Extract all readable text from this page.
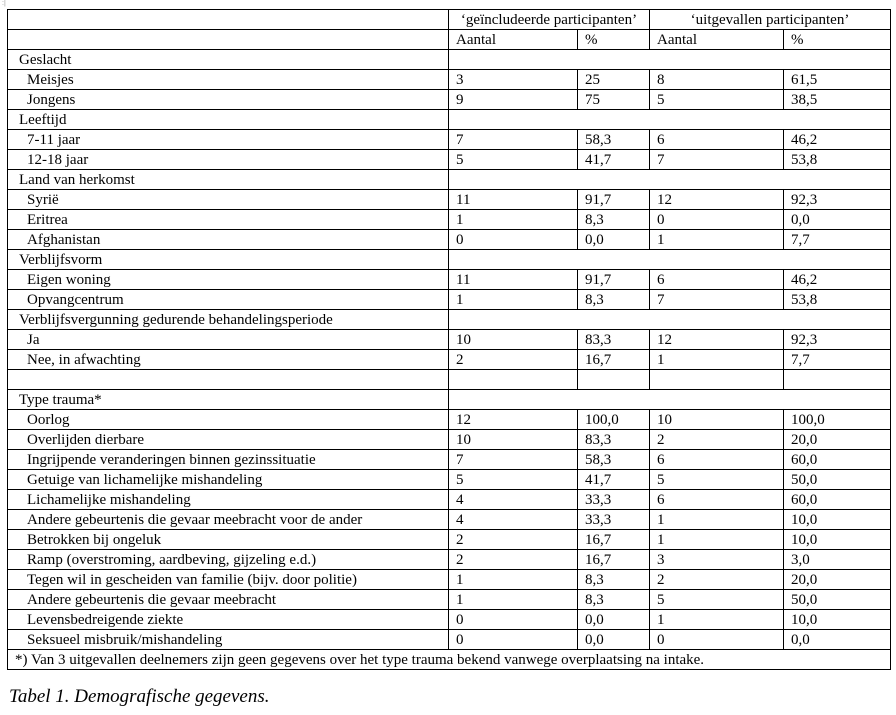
:|
	‘geïncludeerde participanten’		‘uitgevallen participanten’	
	Aantal	%	Aantal	%
Geslacht				
Meisjes	3	25	8	61,5
Jongens	9	75	5	38,5
Leeftijd				
7-11 jaar	7	58,3	6	46,2
12-18 jaar	5	41,7	7	53,8
Land van herkomst				
Syrië	11	91,7	12	92,3
Eritrea	1	8,3	0	0,0
Afghanistan	0	0,0	1	7,7
Verblijfsvorm				
Eigen woning	11	91,7	6	46,2
Opvangcentrum	1	8,3	7	53,8
Verblijfsvergunning gedurende behandelingsperiode				
Ja	10	83,3	12	92,3
Nee, in afwachting	2	16,7	1	7,7

Type trauma*				
Oorlog	12	100,0	10	100,0
Overlijden dierbare	10	83,3	2	20,0
Ingrijpende veranderingen binnen gezinssituatie	7	58,3	6	60,0
Getuige van lichamelijke mishandeling	5	41,7	5	50,0
Lichamelijke mishandeling	4	33,3	6	60,0
Andere gebeurtenis die gevaar meebracht voor de ander	4	33,3	1	10,0
Betrokken bij ongeluk	2	16,7	1	10,0
Ramp (overstroming, aardbeving, gijzeling e.d.)	2	16,7	3	3,0
Tegen wil in gescheiden van familie (bijv. door politie)	1	8,3	2	20,0
Andere gebeurtenis die gevaar meebracht	1	8,3	5	50,0
Levensbedreigende ziekte	0	0,0	1	10,0
Seksueel misbruik/mishandeling	0	0,0	0	0,0
*) Van 3 uitgevallen deelnemers zijn geen gegevens over het type trauma bekend vanwege overplaatsing na intake.				
Tabel 1. Demografische gegevens.
